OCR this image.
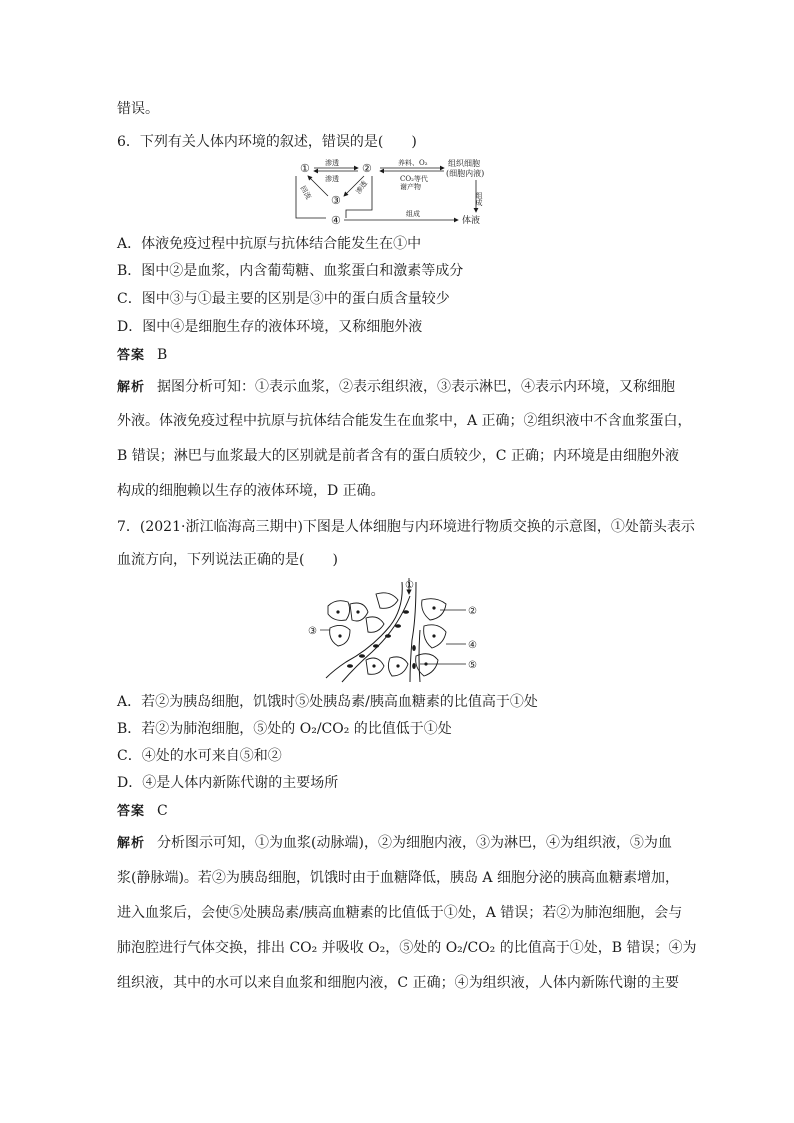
错误。
6．下列有关人体内环境的叙述，错误的是(　　)
①	②
③
④
渗透
渗透
回流	渗透
养料、O₂
CO₂等代
谢产物
组织细胞
(细胞内液)
组成
组成
体液
A．体液免疫过程中抗原与抗体结合能发生在①中
B．图中②是血浆，内含葡萄糖、血浆蛋白和激素等成分
C．图中③与①最主要的区别是③中的蛋白质含量较少
D．图中④是细胞生存的液体环境，又称细胞外液
答案 B
解析 据图分析可知：①表示血浆，②表示组织液，③表示淋巴，④表示内环境，又称细胞
外液。体液免疫过程中抗原与抗体结合能发生在血浆中，A 正确；②组织液中不含血浆蛋白，
B 错误；淋巴与血浆最大的区别就是前者含有的蛋白质较少，C 正确；内环境是由细胞外液
构成的细胞赖以生存的液体环境，D 正确。
7．(2021·浙江临海高三期中)下图是人体细胞与内环境进行物质交换的示意图，①处箭头表示
血流方向，下列说法正确的是(　　)
①
②
③
④
⑤
A．若②为胰岛细胞，饥饿时⑤处胰岛素/胰高血糖素的比值高于①处
B．若②为肺泡细胞，⑤处的 O₂/CO₂ 的比值低于①处
C．④处的水可来自⑤和②
D．④是人体内新陈代谢的主要场所
答案 C
解析 分析图示可知，①为血浆(动脉端)，②为细胞内液，③为淋巴，④为组织液，⑤为血
浆(静脉端)。若②为胰岛细胞，饥饿时由于血糖降低，胰岛 A 细胞分泌的胰高血糖素增加，
进入血浆后，会使⑤处胰岛素/胰高血糖素的比值低于①处，A 错误；若②为肺泡细胞，会与
肺泡腔进行气体交换，排出 CO₂ 并吸收 O₂，⑤处的 O₂/CO₂ 的比值高于①处，B 错误；④为
组织液，其中的水可以来自血浆和细胞内液，C 正确；④为组织液，人体内新陈代谢的主要
